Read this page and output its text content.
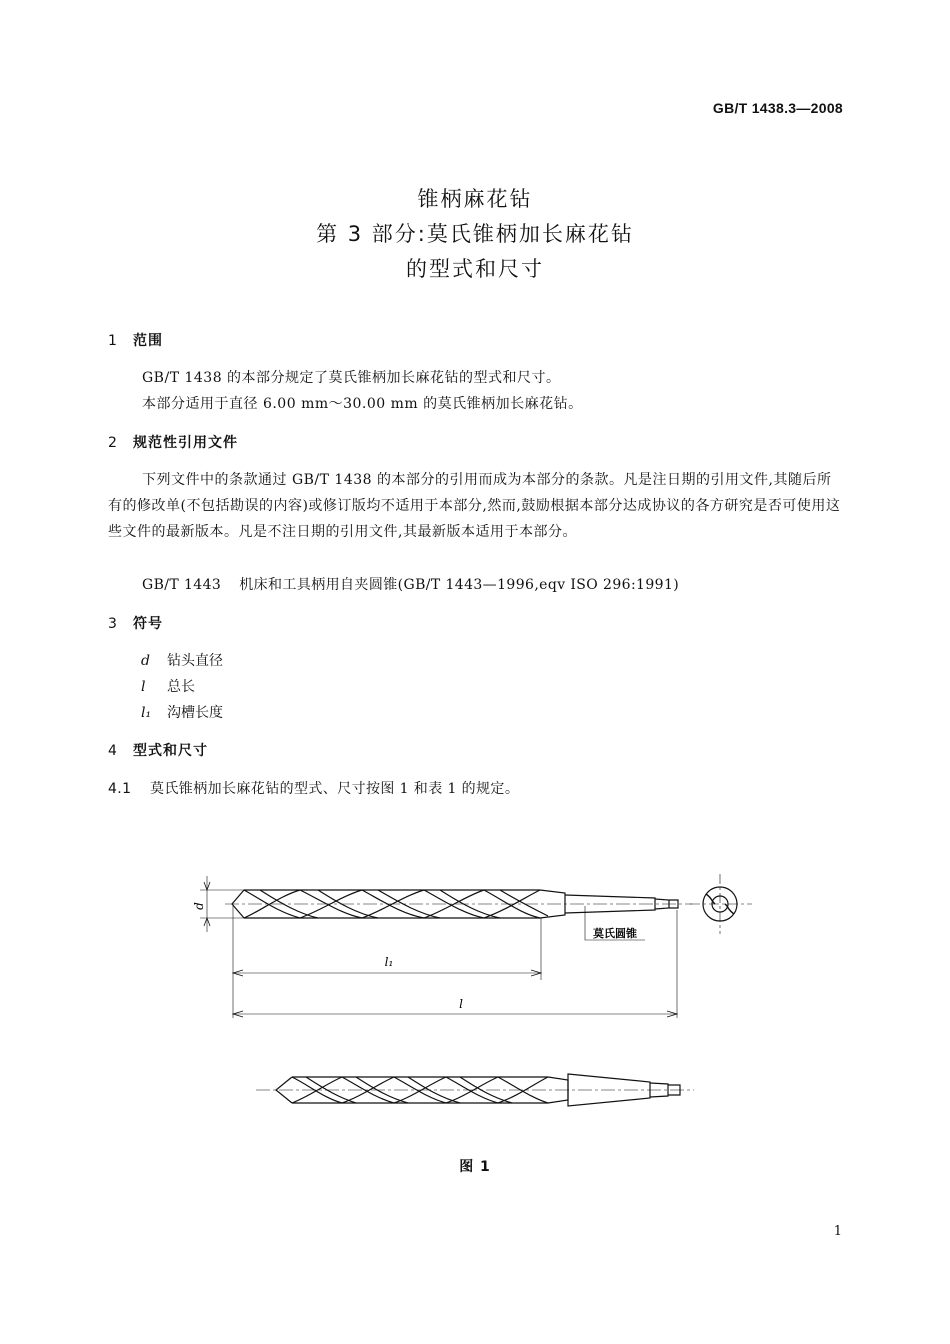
GB/T 1438.3—2008
锥柄麻花钻
第 3 部分:莫氏锥柄加长麻花钻
的型式和尺寸
1 范围
GB/T 1438 的本部分规定了莫氏锥柄加长麻花钻的型式和尺寸。
本部分适用于直径 6.00 mm～30.00 mm 的莫氏锥柄加长麻花钻。
2 规范性引用文件
下列文件中的条款通过 GB/T 1438 的本部分的引用而成为本部分的条款。凡是注日期的引用文件,其随后所有的修改单(不包括勘误的内容)或修订版均不适用于本部分,然而,鼓励根据本部分达成协议的各方研究是否可使用这些文件的最新版本。凡是不注日期的引用文件,其最新版本适用于本部分。
GB/T 1443 机床和工具柄用自夹圆锥(GB/T 1443—1996,eqv ISO 296:1991)
3 符号
d 钻头直径
l 总长
l₁ 沟槽长度
4 型式和尺寸
4.1 莫氏锥柄加长麻花钻的型式、尺寸按图 1 和表 1 的规定。
d
l₁
l
莫氏圆锥
图 1
1
